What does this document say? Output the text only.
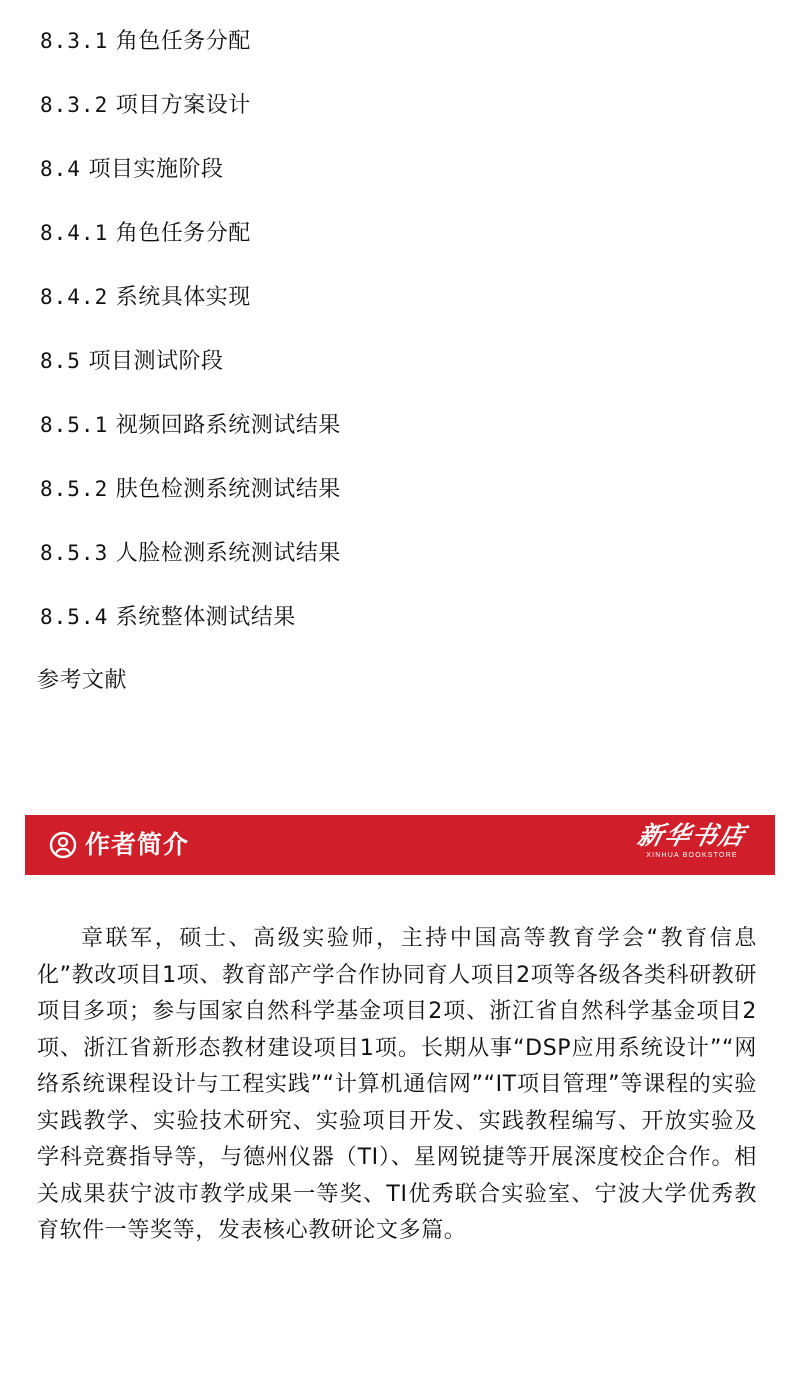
8.3.1 角色任务分配
8.3.2 项目方案设计
8.4 项目实施阶段
8.4.1 角色任务分配
8.4.2 系统具体实现
8.5 项目测试阶段
8.5.1 视频回路系统测试结果
8.5.2 肤色检测系统测试结果
8.5.3 人脸检测系统测试结果
8.5.4 系统整体测试结果
参考文献
作者简介	新华书店
XINHUA BOOKSTORE

章联军，硕士、高级实验师，主持中国高等教育学会“教育信息化”教改项目1项、教育部产学合作协同育人项目2项等各级各类科研教研项目多项；参与国家自然科学基金项目2项、浙江省自然科学基金项目2项、浙江省新形态教材建设项目1项。长期从事“DSP应用系统设计”“网络系统课程设计与工程实践”“计算机通信网”“IT项目管理”等课程的实验实践教学、实验技术研究、实验项目开发、实践教程编写、开放实验及学科竞赛指导等，与德州仪器（TI）、星网锐捷等开展深度校企合作。相关成果获宁波市教学成果一等奖、TI优秀联合实验室、宁波大学优秀教育软件一等奖等，发表核心教研论文多篇。
